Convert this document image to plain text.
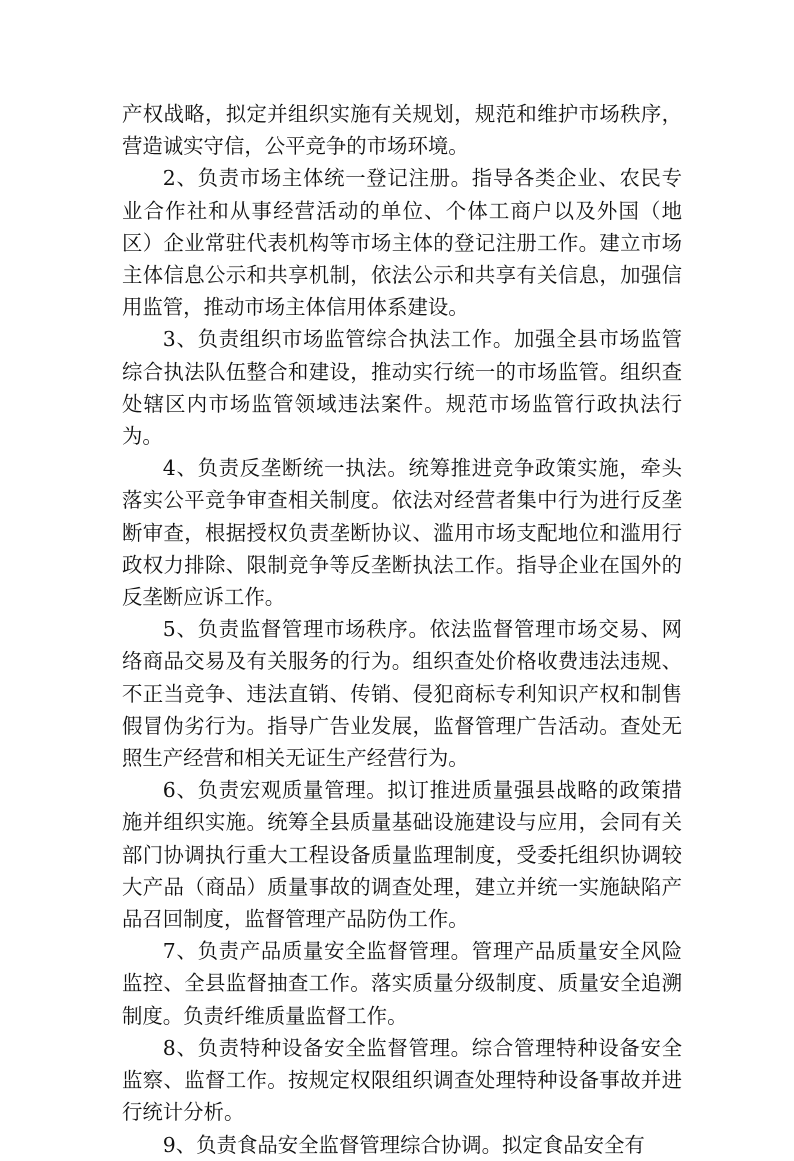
产权战略，拟定并组织实施有关规划，规范和维护市场秩序，营造诚实守信，公平竞争的市场环境。

2、负责市场主体统一登记注册。指导各类企业、农民专业合作社和从事经营活动的单位、个体工商户以及外国（地区）企业常驻代表机构等市场主体的登记注册工作。建立市场主体信息公示和共享机制，依法公示和共享有关信息，加强信用监管，推动市场主体信用体系建设。

3、负责组织市场监管综合执法工作。加强全县市场监管综合执法队伍整合和建设，推动实行统一的市场监管。组织查处辖区内市场监管领域违法案件。规范市场监管行政执法行为。

4、负责反垄断统一执法。统筹推进竞争政策实施，牵头落实公平竞争审查相关制度。依法对经营者集中行为进行反垄断审查，根据授权负责垄断协议、滥用市场支配地位和滥用行政权力排除、限制竞争等反垄断执法工作。指导企业在国外的反垄断应诉工作。

5、负责监督管理市场秩序。依法监督管理市场交易、网络商品交易及有关服务的行为。组织查处价格收费违法违规、不正当竞争、违法直销、传销、侵犯商标专利知识产权和制售假冒伪劣行为。指导广告业发展，监督管理广告活动。查处无照生产经营和相关无证生产经营行为。

6、负责宏观质量管理。拟订推进质量强县战略的政策措施并组织实施。统筹全县质量基础设施建设与应用，会同有关部门协调执行重大工程设备质量监理制度，受委托组织协调较大产品（商品）质量事故的调查处理，建立并统一实施缺陷产品召回制度，监督管理产品防伪工作。

7、负责产品质量安全监督管理。管理产品质量安全风险监控、全县监督抽查工作。落实质量分级制度、质量安全追溯制度。负责纤维质量监督工作。

8、负责特种设备安全监督管理。综合管理特种设备安全监察、监督工作。按规定权限组织调查处理特种设备事故并进行统计分析。

9、负责食品安全监督管理综合协调。拟定食品安全有
